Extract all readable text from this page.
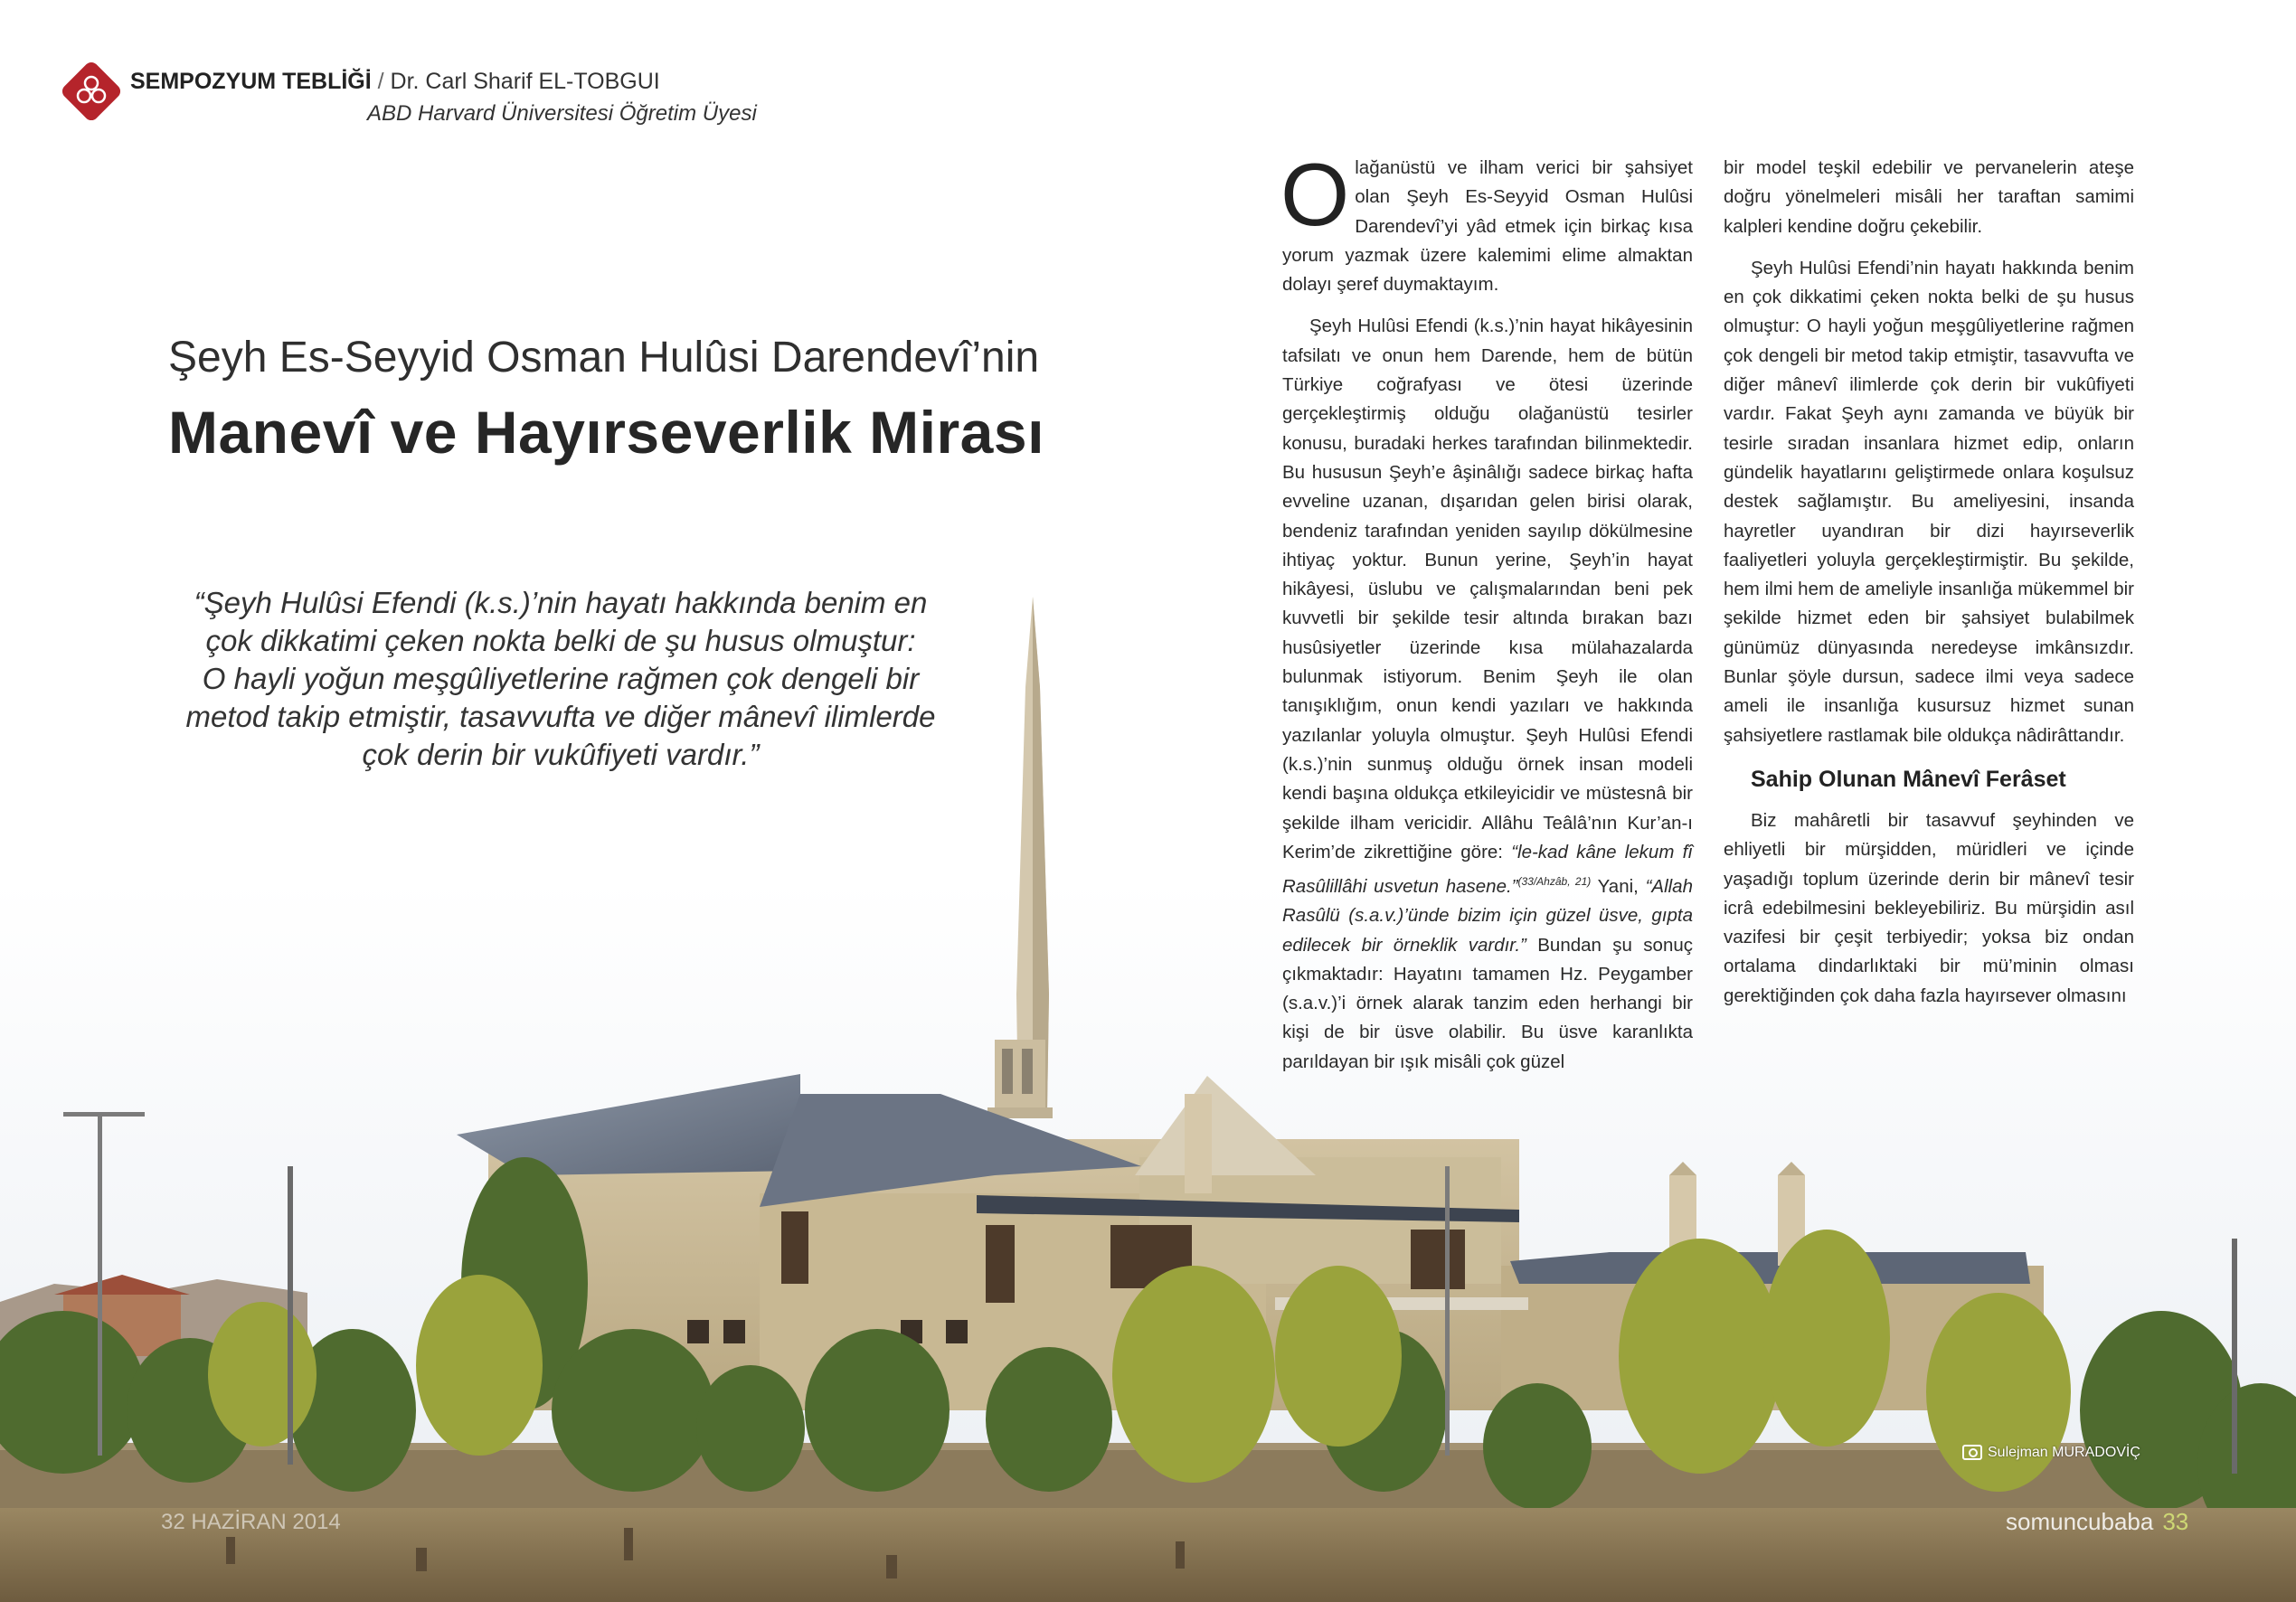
SEMPOZYUM TEBLİĞİ / Dr. Carl Sharif EL-TOBGUI
ABD Harvard Üniversitesi Öğretim Üyesi
Şeyh Es-Seyyid Osman Hulûsi Darendevî’nin
Manevî ve Hayırseverlik Mirası
“Şeyh Hulûsi Efendi (k.s.)’nin hayatı hakkında benim en
çok dikkatimi çeken nokta belki de şu husus olmuştur:
O hayli yoğun meşgûliyetlerine rağmen çok dengeli bir
metod takip etmiştir, tasavvufta ve diğer mânevî ilimlerde
çok derin bir vukûfiyeti vardır.”

Olağanüstü ve ilham verici bir şahsiyet olan Şeyh Es-Seyyid Osman Hulûsi Darendevî’yi yâd etmek için birkaç kısa yorum yazmak üzere kalemimi elime almaktan dolayı şeref duymaktayım.

Şeyh Hulûsi Efendi (k.s.)’nin hayat hikâyesinin tafsilatı ve onun hem Darende, hem de bütün Türkiye coğrafyası ve ötesi üzerinde gerçekleştirmiş olduğu olağanüstü tesirler konusu, buradaki herkes tarafından bilinmektedir. Bu hususun Şeyh’e âşinâlığı sadece birkaç hafta evveline uzanan, dışarıdan gelen birisi olarak, bendeniz tarafından yeniden sayılıp dökülmesine ihtiyaç yoktur. Bunun yerine, Şeyh’in hayat hikâyesi, üslubu ve çalışmalarından beni pek kuvvetli bir şekilde tesir altında bırakan bazı husûsiyetler üzerinde kısa mülahazalarda bulunmak istiyorum. Benim Şeyh ile olan tanışıklığım, onun kendi yazıları ve hakkında yazılanlar yoluyla olmuştur. Şeyh Hulûsi Efendi (k.s.)’nin sunmuş olduğu örnek insan modeli kendi başına oldukça etkileyicidir ve müstesnâ bir şekilde ilham vericidir. Allâhu Teâlâ’nın Kur’an-ı Kerim’de zikrettiğine göre: “le-kad kâne lekum fî Rasûlillâhi usvetun hasene.”$^{(33/Ahzâb, 21)}$ Yani, “Allah Rasûlü (s.a.v.)’ünde bizim için güzel üsve, gıpta edilecek bir örneklik vardır.” Bundan şu sonuç çıkmaktadır: Hayatını tamamen Hz. Peygamber (s.a.v.)’i örnek alarak tanzim eden herhangi bir kişi de bir üsve olabilir. Bu üsve karanlıkta parıldayan bir ışık misâli çok güzel

bir model teşkil edebilir ve pervanelerin ateşe doğru yönelmeleri misâli her taraftan samimi kalpleri kendine doğru çekebilir.

Şeyh Hulûsi Efendi’nin hayatı hakkında benim en çok dikkatimi çeken nokta belki de şu husus olmuştur: O hayli yoğun meşgûliyetlerine rağmen çok dengeli bir metod takip etmiştir, tasavvufta ve diğer mânevî ilimlerde çok derin bir vukûfiyeti vardır. Fakat Şeyh aynı zamanda ve büyük bir tesirle sıradan insanlara hizmet edip, onların gündelik hayatlarını geliştirmede onlara koşulsuz destek sağlamıştır. Bu ameliyesini, insanda hayretler uyandıran bir dizi hayırseverlik faaliyetleri yoluyla gerçekleştirmiştir. Bu şekilde, hem ilmi hem de ameliyle insanlığa mükemmel bir şekilde hizmet eden bir şahsiyet bulabilmek günümüz dünyasında neredeyse imkânsızdır. Bunlar şöyle dursun, sadece ilmi veya sadece ameli ile insanlığa kusursuz hizmet sunan şahsiyetlere rastlamak bile oldukça nâdirâttandır.

Sahip Olunan Mânevî Ferâset

Biz mahâretli bir tasavvuf şeyhinden ve ehliyetli bir mürşidden, müridleri ve içinde yaşadığı toplum üzerinde derin bir mânevî tesir icrâ edebilmesini bekleyebiliriz. Bu mürşidin asıl vazifesi bir çeşit terbiyedir; yoksa biz ondan ortalama dindarlıktaki bir mü’minin olması gerektiğinden çok daha fazla hayırsever olmasını

Sulejman MURADOVİÇ
32 HAZİRAN 2014	somuncubaba 33
